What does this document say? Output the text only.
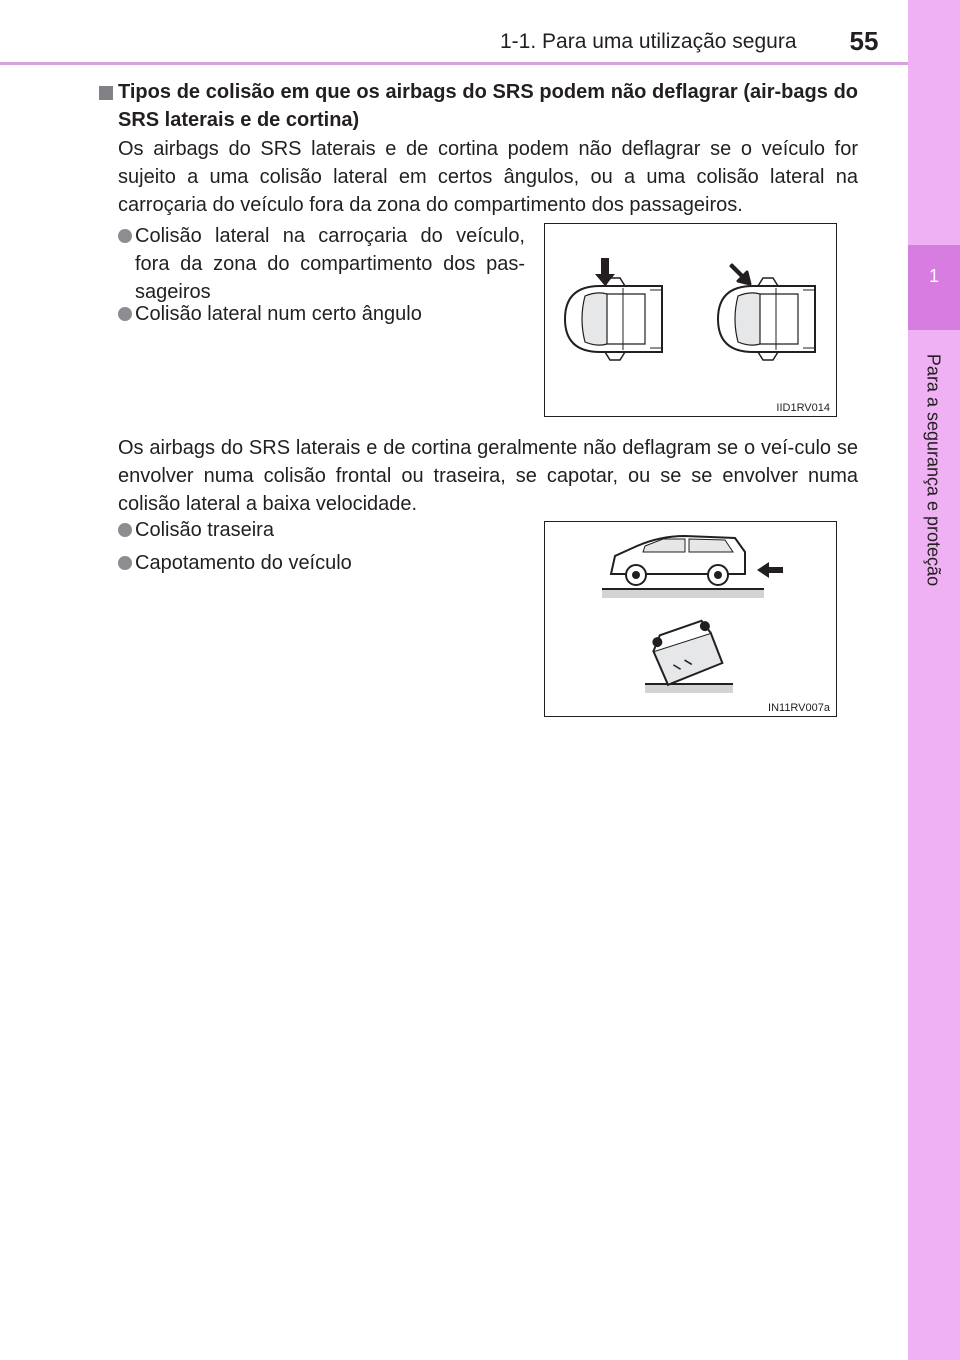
1
Para a segurança e proteção
1-1. Para uma utilização segura	55
Tipos de colisão em que os airbags do SRS podem não deflagrar (air-bags do SRS laterais e de cortina)
Os airbags do SRS laterais e de cortina podem não deflagrar se o veículo for sujeito a uma colisão lateral em certos ângulos, ou a uma colisão lateral na carroçaria do veículo fora da zona do compartimento dos passageiros.
Colisão lateral na carroçaria do veículo, fora da zona do compartimento dos pas-sageiros
Colisão lateral num certo ângulo
IID1RV014
Os airbags do SRS laterais e de cortina geralmente não deflagram se o veí-culo se envolver numa colisão frontal ou traseira, se capotar, ou se se envolver numa colisão lateral a baixa velocidade.
Colisão traseira
Capotamento do veículo
IN11RV007a
